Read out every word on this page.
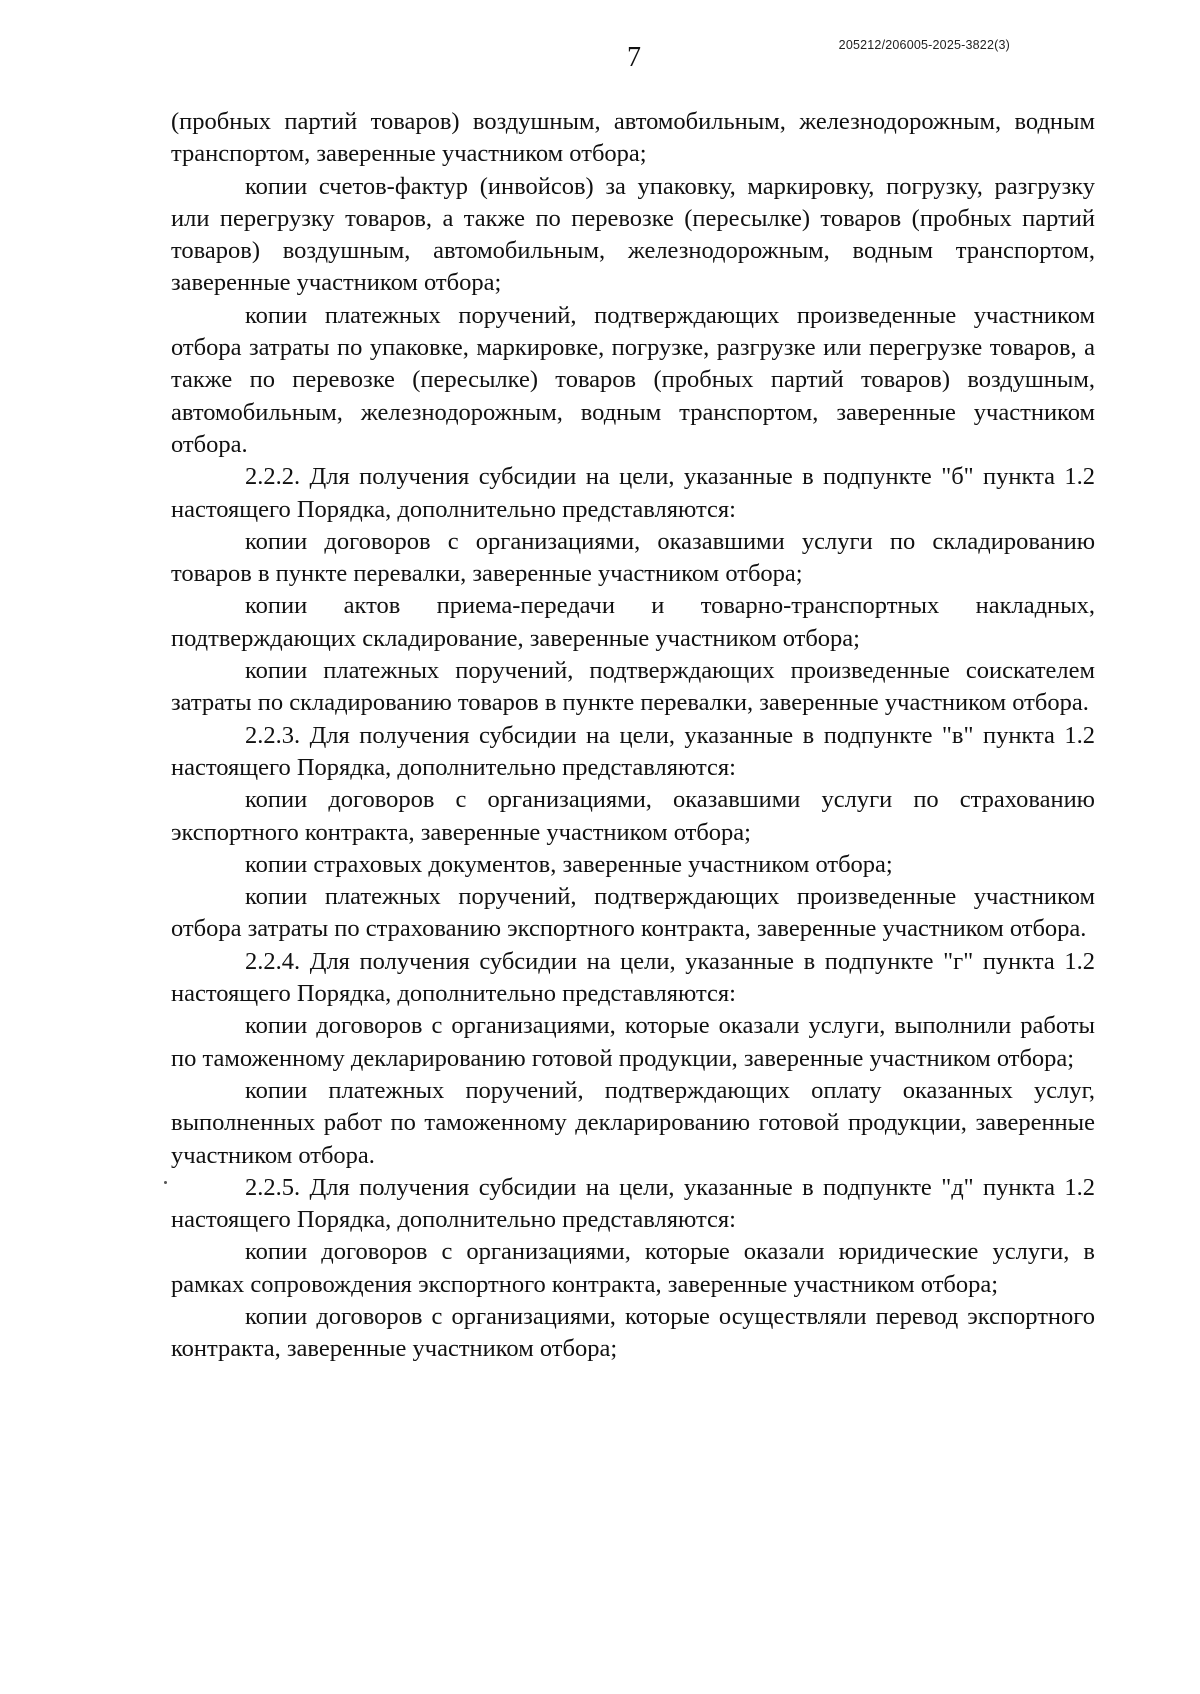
7	205212/206005-2025-3822(3)

(пробных партий товаров) воздушным, автомобильным, железнодорожным, водным транспортом, заверенные участником отбора;

копии счетов-фактур (инвойсов) за упаковку, маркировку, погрузку, разгрузку или перегрузку товаров, а также по перевозке (пересылке) товаров (пробных партий товаров) воздушным, автомобильным, железнодорожным, водным транспортом, заверенные участником отбора;

копии платежных поручений, подтверждающих произведенные участником отбора затраты по упаковке, маркировке, погрузке, разгрузке или перегрузке товаров, а также по перевозке (пересылке) товаров (пробных партий товаров) воздушным, автомобильным, железнодорожным, водным транспортом, заверенные участником отбора.

2.2.2. Для получения субсидии на цели, указанные в подпункте "б" пункта 1.2 настоящего Порядка, дополнительно представляются:

копии договоров с организациями, оказавшими услуги по складированию товаров в пункте перевалки, заверенные участником отбора;

копии актов приема-передачи и товарно-транспортных накладных, подтверждающих складирование, заверенные участником отбора;

копии платежных поручений, подтверждающих произведенные соискателем затраты по складированию товаров в пункте перевалки, заверенные участником отбора.

2.2.3. Для получения субсидии на цели, указанные в подпункте "в" пункта 1.2 настоящего Порядка, дополнительно представляются:

копии договоров с организациями, оказавшими услуги по страхованию экспортного контракта, заверенные участником отбора;

копии страховых документов, заверенные участником отбора;

копии платежных поручений, подтверждающих произведенные участником отбора затраты по страхованию экспортного контракта, заверенные участником отбора.

2.2.4. Для получения субсидии на цели, указанные в подпункте "г" пункта 1.2 настоящего Порядка, дополнительно представляются:

копии договоров с организациями, которые оказали услуги, выполнили работы по таможенному декларированию готовой продукции, заверенные участником отбора;

копии платежных поручений, подтверждающих оплату оказанных услуг, выполненных работ по таможенному декларированию готовой продукции, заверенные участником отбора.

2.2.5. Для получения субсидии на цели, указанные в подпункте "д" пункта 1.2 настоящего Порядка, дополнительно представляются:

копии договоров с организациями, которые оказали юридические услуги, в рамках сопровождения экспортного контракта, заверенные участником отбора;

копии договоров с организациями, которые осуществляли перевод экспортного контракта, заверенные участником отбора;
